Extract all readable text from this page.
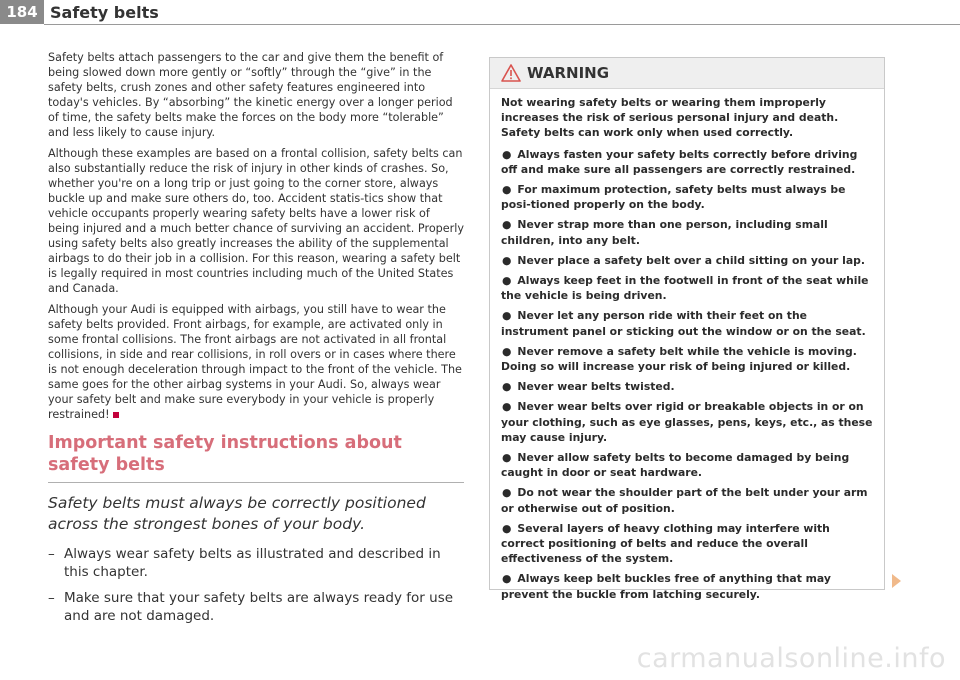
184 Safety belts

Safety belts attach passengers to the car and give them the benefit of being slowed down more gently or “softly” through the “give” in the safety belts, crush zones and other safety features engineered into today's vehicles. By “absorbing” the kinetic energy over a longer period of time, the safety belts make the forces on the body more “tolerable” and less likely to cause injury.

Although these examples are based on a frontal collision, safety belts can also substantially reduce the risk of injury in other kinds of crashes. So, whether you're on a long trip or just going to the corner store, always buckle up and make sure others do, too. Accident statis-tics show that vehicle occupants properly wearing safety belts have a lower risk of being injured and a much better chance of surviving an accident. Properly using safety belts also greatly increases the ability of the supplemental airbags to do their job in a collision. For this reason, wearing a safety belt is legally required in most countries including much of the United States and Canada.

Although your Audi is equipped with airbags, you still have to wear the safety belts provided. Front airbags, for example, are activated only in some frontal collisions. The front airbags are not activated in all frontal collisions, in side and rear collisions, in roll overs or in cases where there is not enough deceleration through impact to the front of the vehicle. The same goes for the other airbag systems in your Audi. So, always wear your safety belt and make sure everybody in your vehicle is properly restrained!

Important safety instructions about safety belts

Safety belts must always be correctly positioned across the strongest bones of your body.

– Always wear safety belts as illustrated and described in this chapter.
– Make sure that your safety belts are always ready for use and are not damaged.
WARNING

Not wearing safety belts or wearing them improperly increases the risk of serious personal injury and death. Safety belts can work only when used correctly.

● Always fasten your safety belts correctly before driving off and make sure all passengers are correctly restrained.
● For maximum protection, safety belts must always be posi-tioned properly on the body.
● Never strap more than one person, including small children, into any belt.
● Never place a safety belt over a child sitting on your lap.
● Always keep feet in the footwell in front of the seat while the vehicle is being driven.
● Never let any person ride with their feet on the instrument panel or sticking out the window or on the seat.
● Never remove a safety belt while the vehicle is moving. Doing so will increase your risk of being injured or killed.
● Never wear belts twisted.
● Never wear belts over rigid or breakable objects in or on your clothing, such as eye glasses, pens, keys, etc., as these may cause injury.
● Never allow safety belts to become damaged by being caught in door or seat hardware.
● Do not wear the shoulder part of the belt under your arm or otherwise out of position.
● Several layers of heavy clothing may interfere with correct positioning of belts and reduce the overall effectiveness of the system.
● Always keep belt buckles free of anything that may prevent the buckle from latching securely.
carmanualsonline.info
